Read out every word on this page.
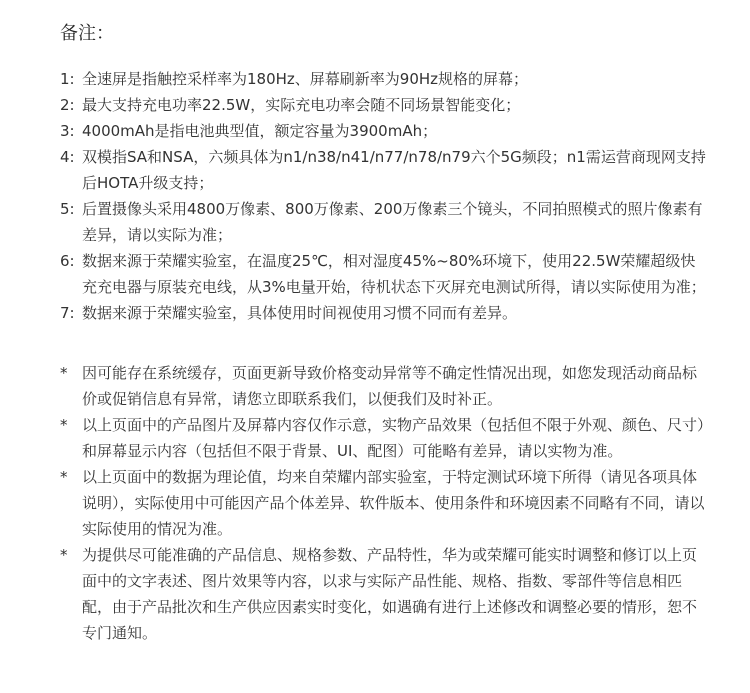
备注：
1: 全速屏是指触控采样率为180Hz、屏幕刷新率为90Hz规格的屏幕；
2: 最大支持充电功率22.5W，实际充电功率会随不同场景智能变化；
3: 4000mAh是指电池典型值，额定容量为3900mAh；
4: 双模指SA和NSA，六频具体为n1/n38/n41/n77/n78/n79六个5G频段；n1需运营商现网支持后HOTA升级支持；
5: 后置摄像头采用4800万像素、800万像素、200万像素三个镜头，不同拍照模式的照片像素有差异，请以实际为准；
6: 数据来源于荣耀实验室，在温度25℃，相对湿度45%~80%环境下，使用22.5W荣耀超级快充充电器与原装充电线，从3%电量开始，待机状态下灭屏充电测试所得，请以实际使用为准；
7: 数据来源于荣耀实验室，具体使用时间视使用习惯不同而有差异。
* 因可能存在系统缓存，页面更新导致价格变动异常等不确定性情况出现，如您发现活动商品标价或促销信息有异常，请您立即联系我们，以便我们及时补正。
* 以上页面中的产品图片及屏幕内容仅作示意，实物产品效果（包括但不限于外观、颜色、尺寸）和屏幕显示内容（包括但不限于背景、UI、配图）可能略有差异，请以实物为准。
* 以上页面中的数据为理论值，均来自荣耀内部实验室，于特定测试环境下所得（请见各项具体说明），实际使用中可能因产品个体差异、软件版本、使用条件和环境因素不同略有不同，请以实际使用的情况为准。
* 为提供尽可能准确的产品信息、规格参数、产品特性，华为或荣耀可能实时调整和修订以上页面中的文字表述、图片效果等内容，以求与实际产品性能、规格、指数、零部件等信息相匹配，由于产品批次和生产供应因素实时变化，如遇确有进行上述修改和调整必要的情形，恕不专门通知。
